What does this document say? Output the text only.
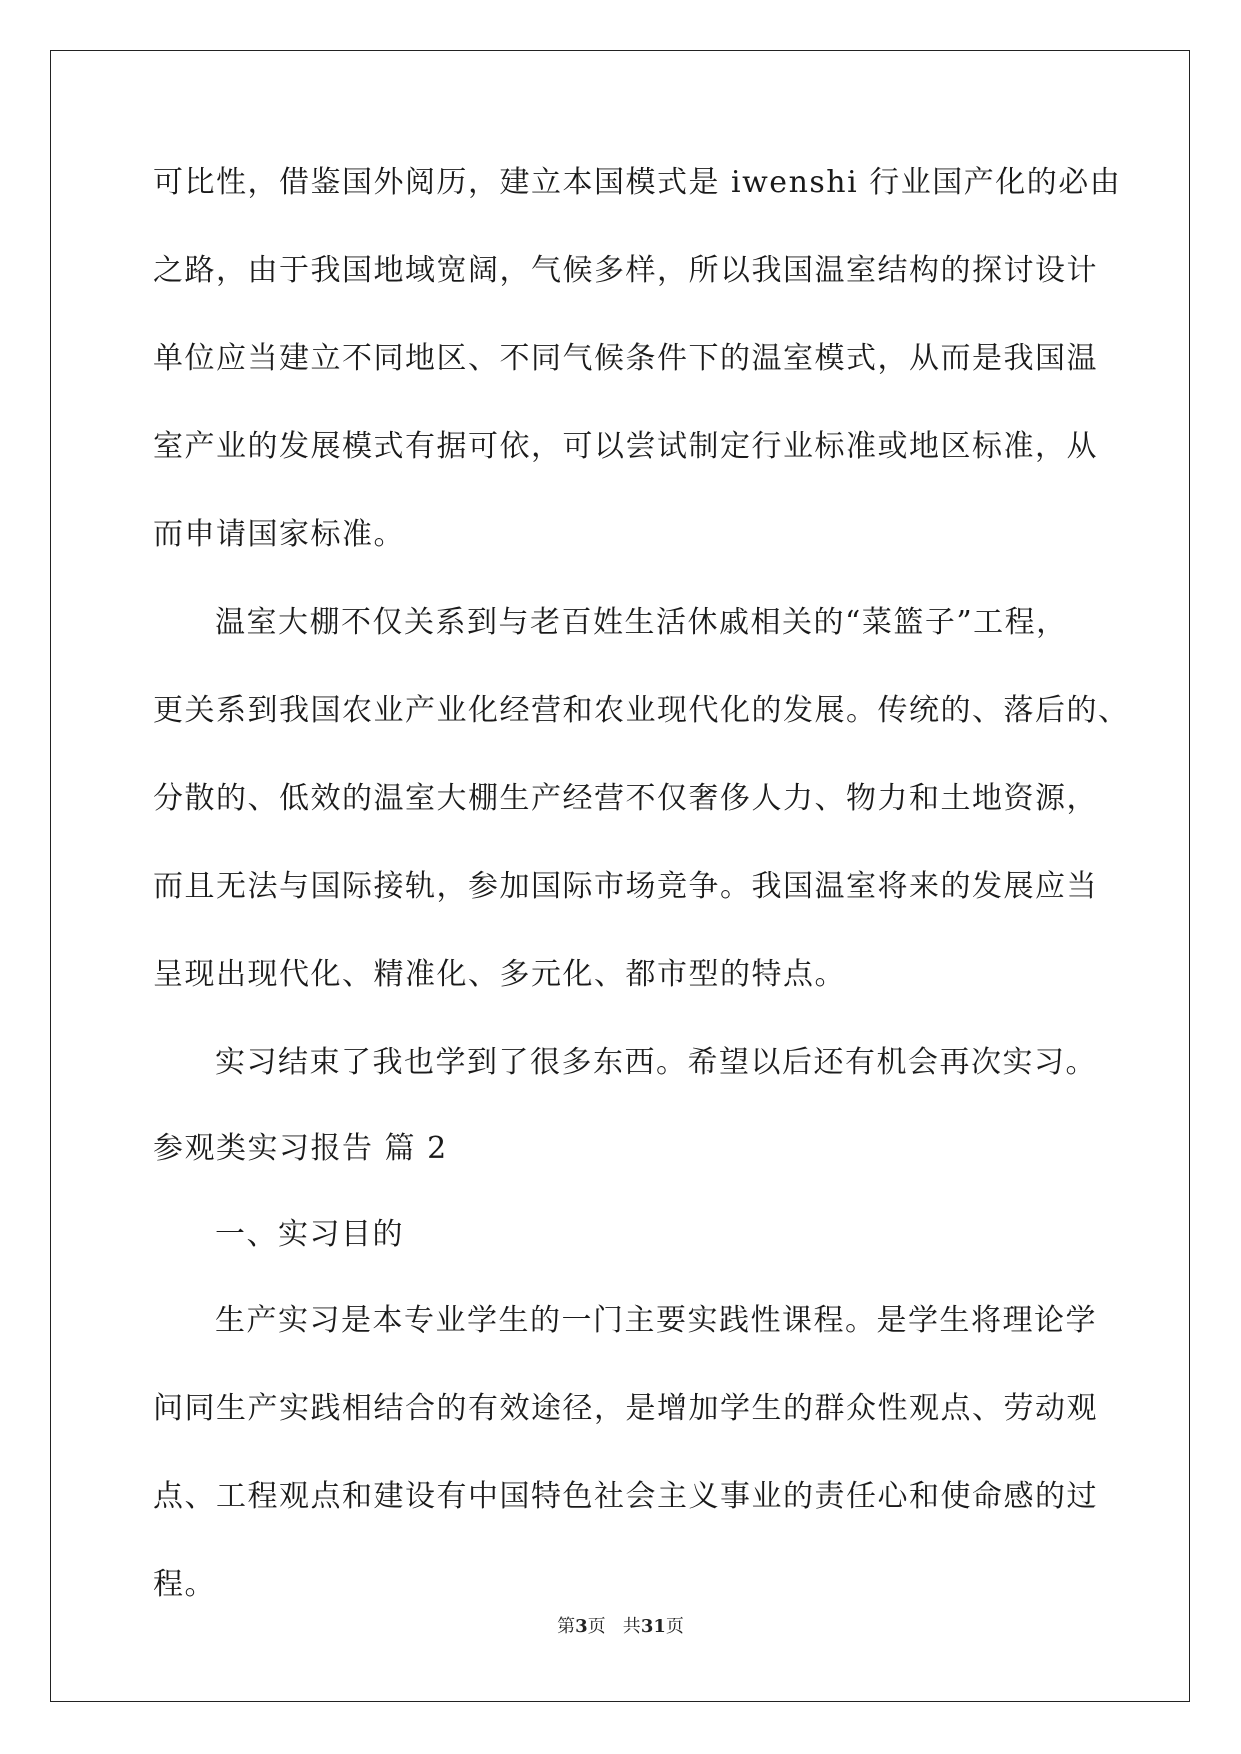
可比性，借鉴国外阅历，建立本国模式是 iwenshi 行业国产化的必由
之路，由于我国地域宽阔，气候多样，所以我国温室结构的探讨设计
单位应当建立不同地区、不同气候条件下的温室模式，从而是我国温
室产业的发展模式有据可依，可以尝试制定行业标准或地区标准，从
而申请国家标准。
温室大棚不仅关系到与老百姓生活休戚相关的“菜篮子”工程，
更关系到我国农业产业化经营和农业现代化的发展。传统的、落后的、
分散的、低效的温室大棚生产经营不仅奢侈人力、物力和土地资源，
而且无法与国际接轨，参加国际市场竞争。我国温室将来的发展应当
呈现出现代化、精准化、多元化、都市型的特点。
实习结束了我也学到了很多东西。希望以后还有机会再次实习。
参观类实习报告 篇 2
一、实习目的
生产实习是本专业学生的一门主要实践性课程。是学生将理论学
问同生产实践相结合的有效途径，是增加学生的群众性观点、劳动观
点、工程观点和建设有中国特色社会主义事业的责任心和使命感的过
程。
第3页   共31页
